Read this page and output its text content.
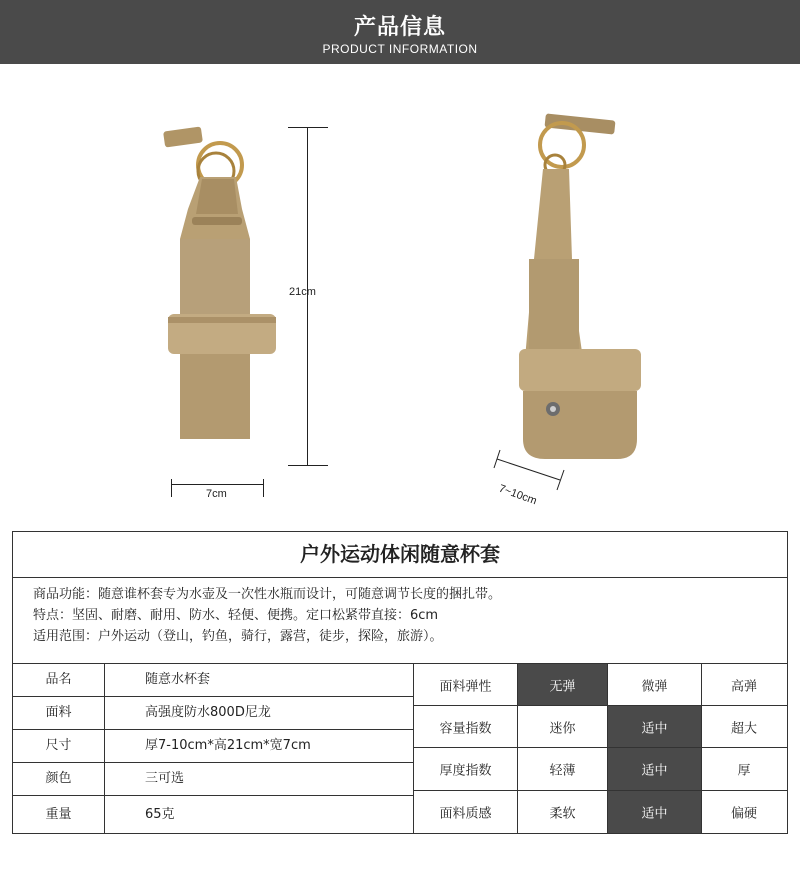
产品信息
PRODUCT INFORMATION
21cm
7cm	7~10cm
户外运动体闲随意杯套
商品功能：随意谁杯套专为水壶及一次性水瓶而设计，可随意调节长度的捆扎带。
特点：坚固、耐磨、耐用、防水、轻便、便携。定口松紧带直接：6cm
适用范围：户外运动（登山，钓鱼，骑行，露营，徒步，探险，旅游）。
品名	随意水杯套
面料	高强度防水800D尼龙
尺寸	厚7-10cm*高21cm*宽7cm
颜色	三可选
重量	65克
面料弹性	无弹	微弹	高弹
容量指数	迷你	适中	超大
厚度指数	轻薄	适中	厚
面料质感	柔软	适中	偏硬
